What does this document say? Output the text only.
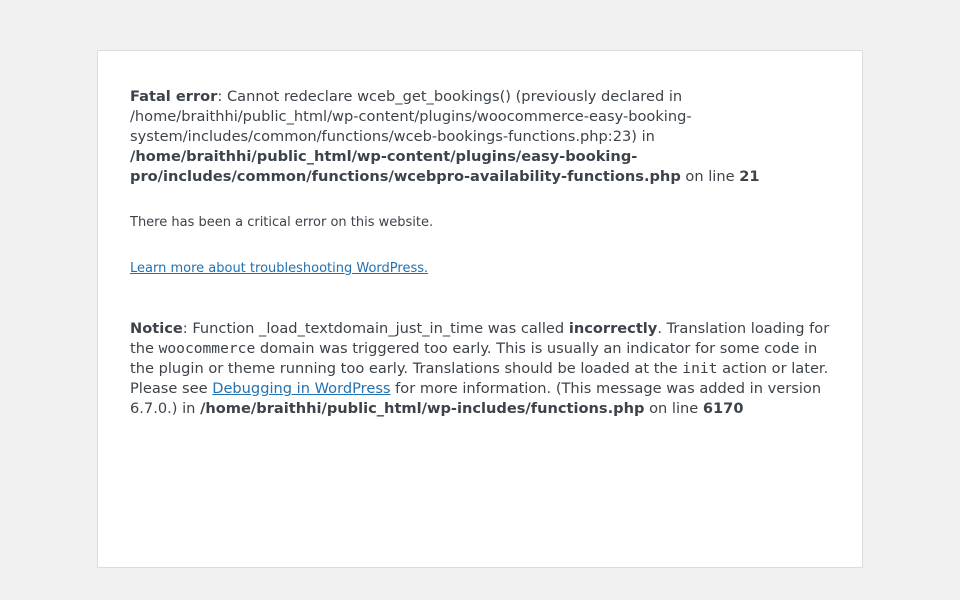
Fatal error: Cannot redeclare wceb_get_bookings() (previously declared in /home/braithhi/public_html/wp-content/plugins/woocommerce-easy-booking-system/includes/common/functions/wceb-bookings-functions.php:23) in /home/braithhi/public_html/wp-content/plugins/easy-booking-pro/includes/common/functions/wcebpro-availability-functions.php on line 21

There has been a critical error on this website.

Learn more about troubleshooting WordPress.

Notice: Function _load_textdomain_just_in_time was called incorrectly. Translation loading for the woocommerce domain was triggered too early. This is usually an indicator for some code in the plugin or theme running too early. Translations should be loaded at the init action or later. Please see Debugging in WordPress for more information. (This message was added in version 6.7.0.) in /home/braithhi/public_html/wp-includes/functions.php on line 6170
